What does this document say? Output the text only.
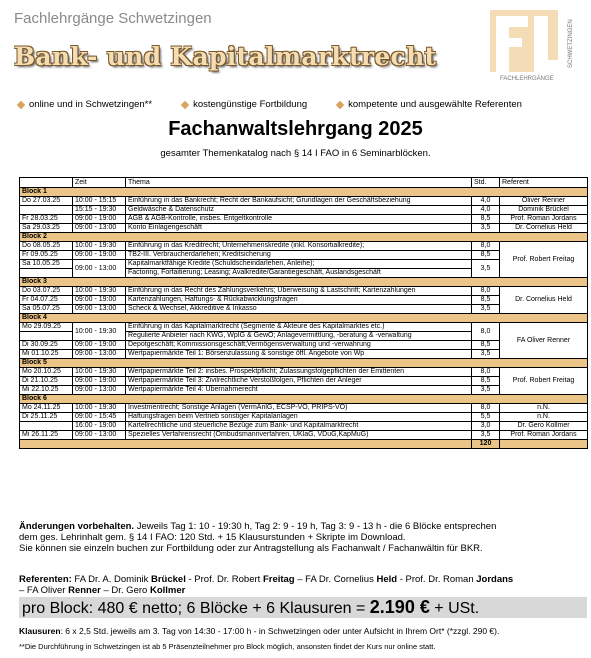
Fachlehrgänge Schwetzingen
Bank- und Kapitalmarktrecht	SCHWETZINGEN
FACHLEHRGÄNGE
online und in Schwetzingen**	kostengünstige Fortbildung	kompetente und ausgewählte Referenten
Fachanwaltslehrgang 2025
gesamter Themenkatalog nach § 14 I FAO in 6 Seminarblöcken.
	Zeit	Thema	Std.	Referent
Block 1				
Do 27.03.25	10:00 - 15:15	Einführung in das Bankrecht; Recht der Bankaufsicht; Grundlagen der Geschäftsbeziehung	4,0	Oliver Renner
	15:15 - 19:30	Geldwäsche & Datenschutz	4,0	Dominik Brückel
Fr 28.03.25	09:00 - 19:00	AGB & AGB-Kontrolle, insbes. Entgeltkontrolle	8,5	Prof. Roman Jordans
Sa 29.03.25	09:00 - 13:00	Konto Einlagengeschäft	3,5	Dr. Cornelius Held
Block 2				
Do 08.05.25	10:00 - 19:30	Einführung in das Kreditrecht; Unternehmenskredite (inkl. Konsortialkredite);	8,0	Prof. Robert Freitag
Fr 09.05.25	09:00 - 19:00	TB2-III. Verbraucherdarlehen; Kreditsicherung	8,5	
Sa 10.05.25	09:00 - 13:00	Kapitalmarktfähige Kredite (Schuldscheindarlehen, Anleihe);	3,5	
		Factoring, Forfaitierung; Leasing; Avalkredite/Garantiegeschäft, Auslandsgeschäft		
Block 3				
Do 03.07.25	10:00 - 19:30	Einführung in das Recht des Zahlungsverkehrs; Überweisung & Lastschrift; Kartenzahlungen	8,0	Dr. Cornelius Held
Fr 04.07.25	09:00 - 19:00	Kartenzahlungen, Haftungs- & Rückabwicklungsfragen	8,5	
Sa 05.07.25	09:00 - 13:00	Scheck & Wechsel, Akkreditive & Inkasso	3,5	
Block 4				
Mo 29.09.25	10:00 - 19:30	Einführung in das Kapitalmarktrecht (Segmente & Akteure des Kapitalmarktes etc.)	8,0	FA Oliver Renner
		Regulierte Anbieter nach KWG, WpIG & GewO; Anlagevermittlung, -beratung & -verwaltung		
Di 30.09.25	09:00 - 19:00	Depotgeschäft; Kommissionsgeschäft;Vermögensverwaltung und -verwahrung	8,5	
Mi 01.10.25	09:00 - 13:00	Wertpapiermärkte Teil 1: Börsenzulassung & sonstige öffl. Angebote von Wp	3,5	
Block 5				
Mo 20.10.25	10:00 - 19:30	Wertpapiermärkte Teil 2: insbes. Prospektpflicht; Zulassungsfolgepflichten der Emittenten	8,0	Prof. Robert Freitag
Di 21.10.25	09:00 - 19:00	Wertpapiermärkte Teil 3: Zivilrechtliche Verstoßfolgen, Pflichten der Anleger	8,5	
Mi 22.10.25	09:00 - 13:00	Wertpapiermärkte Teil 4: Übernahmerecht	3,5	
Block 6				
Mo 24.11.25	10:00 - 19:30	Investmentrecht; Sonstige Anlagen (VermAnlG, ECSP-VO, PRIPS-VO)	8,0	n.N.
Di 25.11.25	09:00 - 15:45	Haftungsfragen beim Vertrieb sonstiger Kapitalanlagen	5,5	n.N.
	16:00 - 19:00	Kartellrechtliche und steuerliche Bezüge zum Bank- und Kapitalmarktrecht	3,0	Dr. Gero Kollmer
Mi 26.11.25	09:00 - 13:00	Spezielles Verfahrensrecht (Ombudsmannverfahren, UKlaG, VDuG,KapMuG)	3,5	Prof. Roman Jordans
			120	
Änderungen vorbehalten. Jeweils Tag 1: 10 - 19:30 h, Tag 2: 9 - 19 h, Tag 3: 9 - 13 h - die 6 Blöcke entsprechen
dem ges. Lehrinhalt gem. § 14 I FAO: 120 Std. + 15 Klausurstunden + Skripte im Download.
Sie können sie einzeln buchen zur Fortbildung oder zur Antragstellung als Fachanwalt / Fachanwältin für BKR.
Referenten: FA Dr. A. Dominik Brückel - Prof. Dr. Robert Freitag – FA Dr. Cornelius Held - Prof. Dr. Roman Jordans
– FA Oliver Renner – Dr. Gero Kollmer
pro Block: 480 € netto; 6 Blöcke + 6 Klausuren = 2.190 € + USt.
Klausuren: 6 x 2,5 Std. jeweils am 3. Tag von 14:30 - 17:00 h - in Schwetzingen oder unter Aufsicht in Ihrem Ort* (*zzgl. 290 €).
**Die Durchführung in Schwetzingen ist ab 5 Präsenzteilnehmer pro Block möglich, ansonsten findet der Kurs nur online statt.
